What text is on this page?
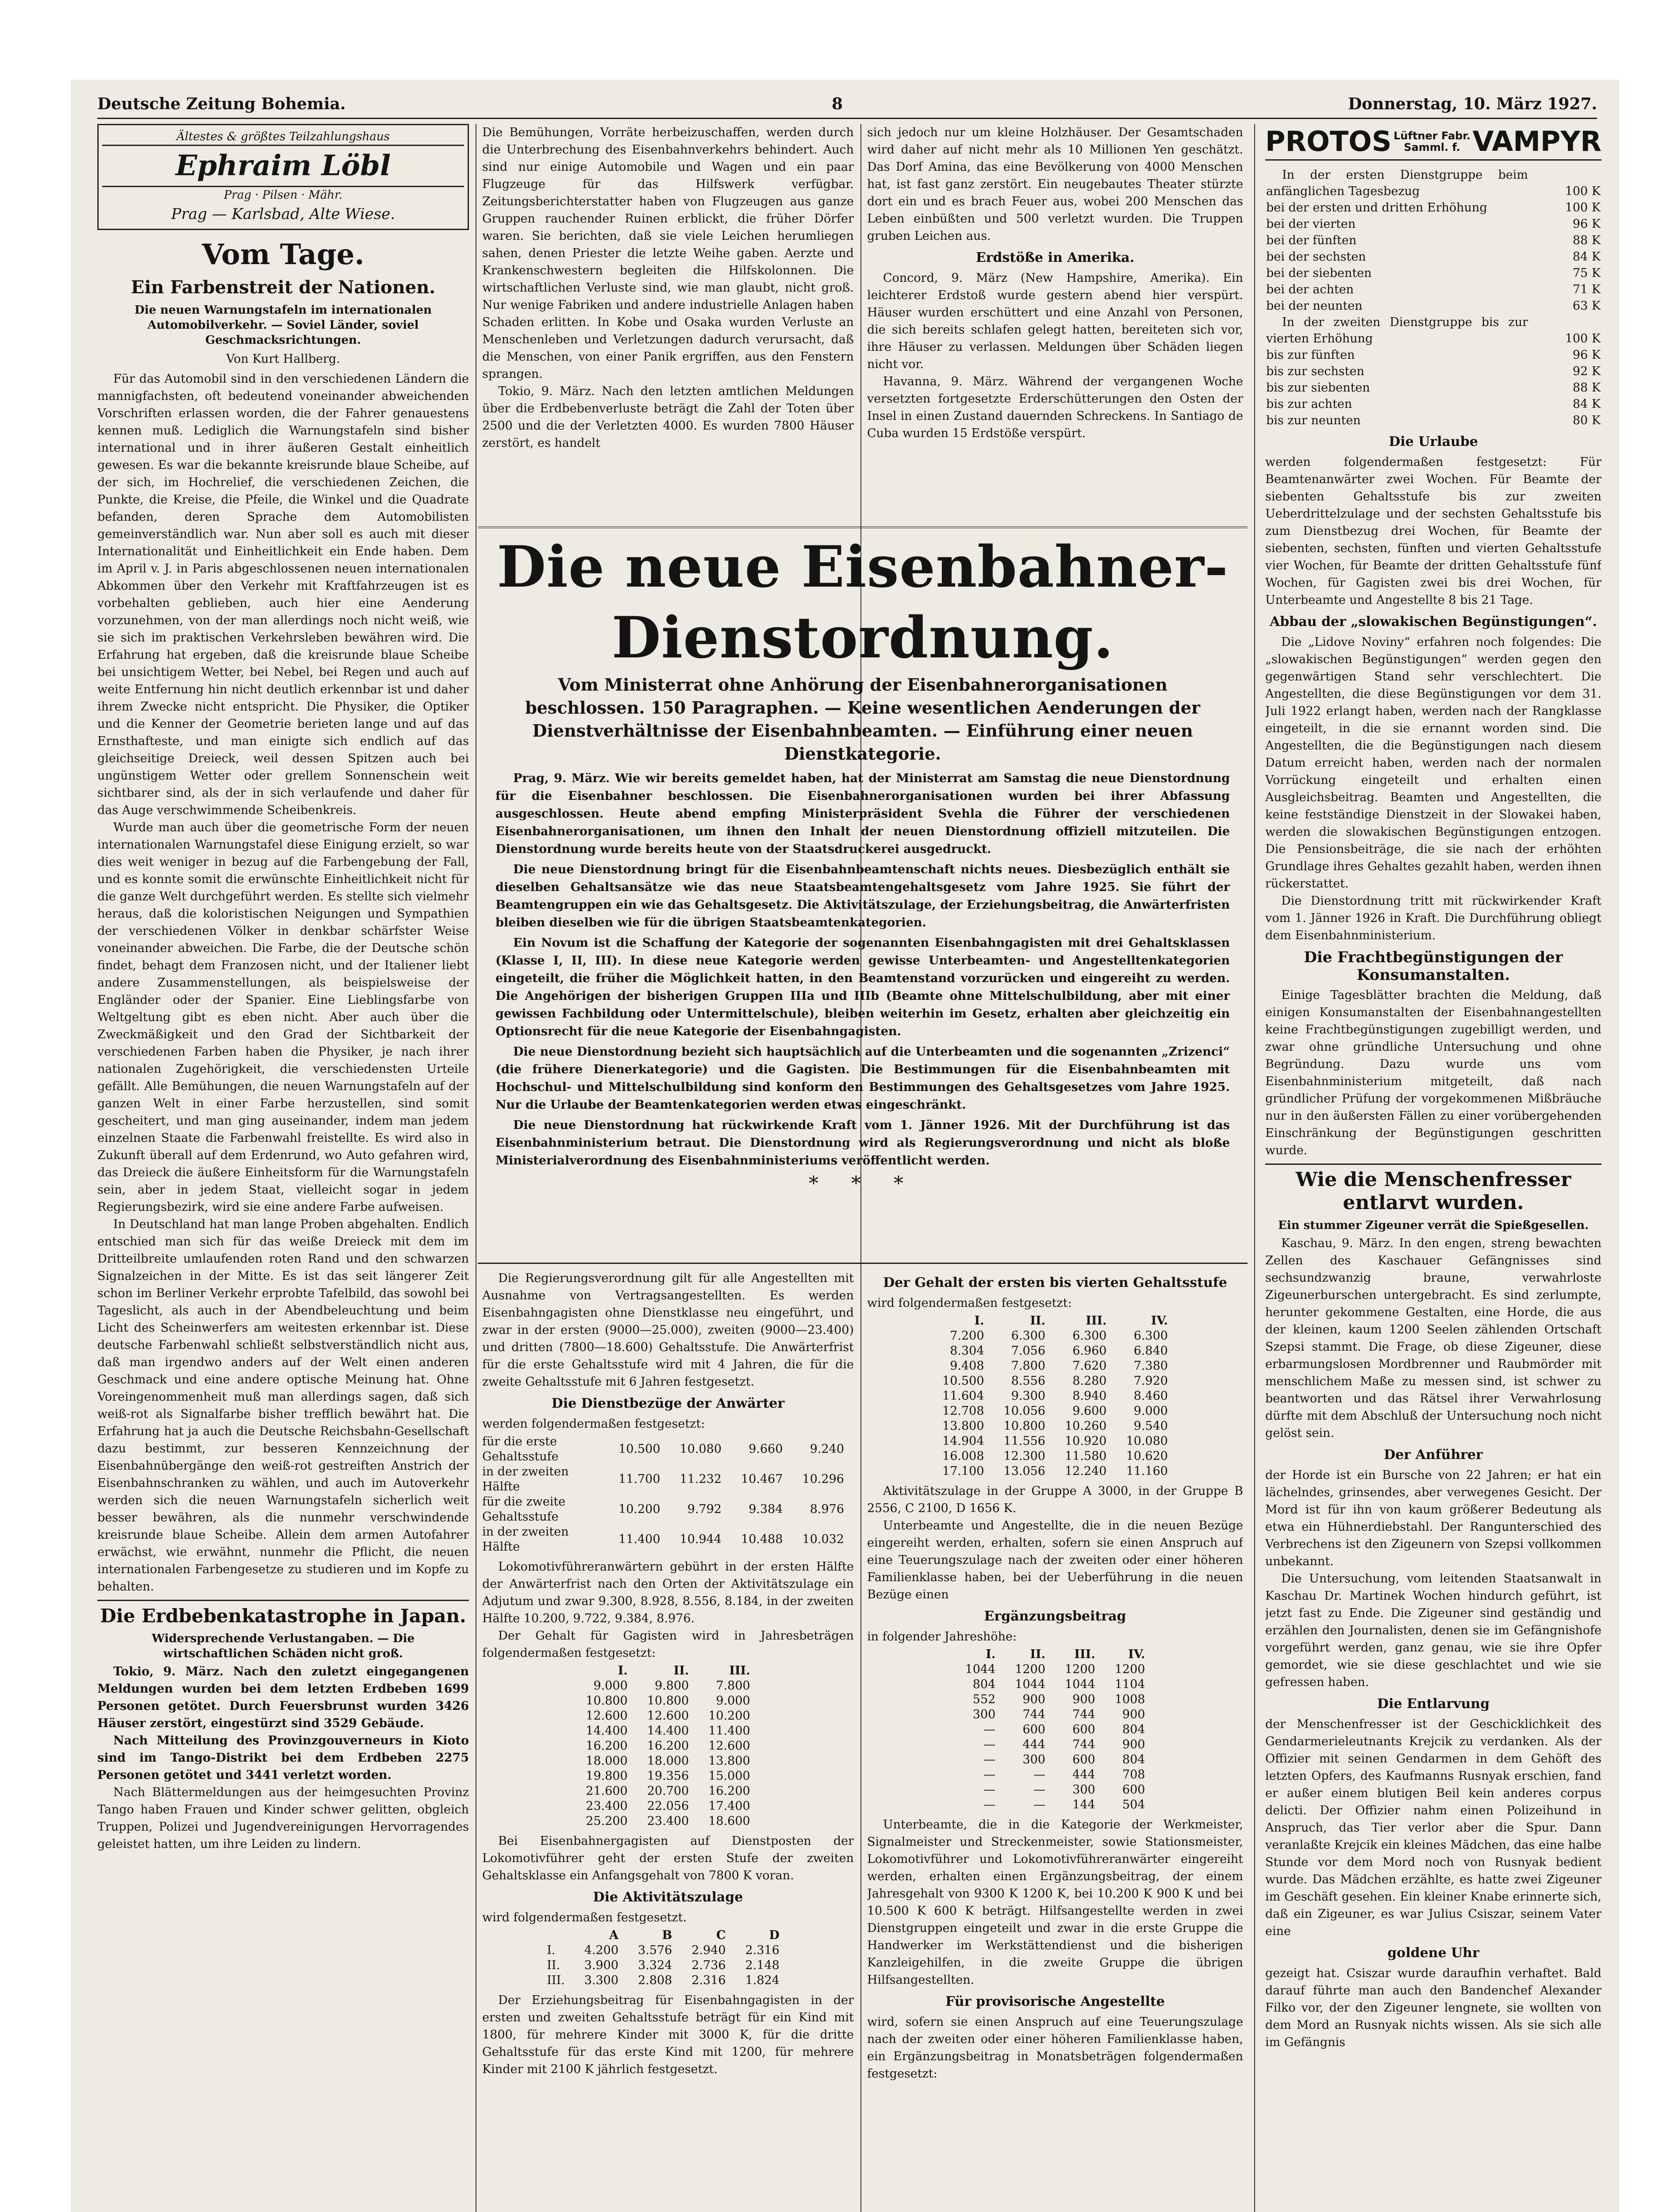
Deutsche Zeitung Bohemia.	8	Donnerstag, 10. März 1927.
Ältestes & größtes Teilzahlungshaus
Ephraim Löbl
Prag · Pilsen · Mähr.
Prag — Karlsbad, Alte Wiese.
Vom Tage.
Ein Farbenstreit der Nationen.
Die neuen Warnungstafeln im internationalen Automobilverkehr. — Soviel Länder, soviel Geschmacksrichtungen.
Von Kurt Hallberg.

Für das Automobil sind in den verschiedenen Ländern die mannigfachsten, oft bedeutend voneinander abweichenden Vorschriften erlassen worden, die der Fahrer genauestens kennen muß. Lediglich die Warnungstafeln sind bisher international und in ihrer äußeren Gestalt einheitlich gewesen. Es war die bekannte kreisrunde blaue Scheibe, auf der sich, im Hochrelief, die verschiedenen Zeichen, die Punkte, die Kreise, die Pfeile, die Winkel und die Quadrate befanden, deren Sprache dem Automobilisten gemeinverständlich war. Nun aber soll es auch mit dieser Internationalität und Einheitlichkeit ein Ende haben. Dem im April v. J. in Paris abgeschlossenen neuen internationalen Abkommen über den Verkehr mit Kraftfahrzeugen ist es vorbehalten geblieben, auch hier eine Aenderung vorzunehmen, von der man allerdings noch nicht weiß, wie sie sich im praktischen Verkehrsleben bewähren wird. Die Erfahrung hat ergeben, daß die kreisrunde blaue Scheibe bei unsichtigem Wetter, bei Nebel, bei Regen und auch auf weite Entfernung hin nicht deutlich erkennbar ist und daher ihrem Zwecke nicht entspricht. Die Physiker, die Optiker und die Kenner der Geometrie berieten lange und auf das Ernsthafteste, und man einigte sich endlich auf das gleichseitige Dreieck, weil dessen Spitzen auch bei ungünstigem Wetter oder grellem Sonnenschein weit sichtbarer sind, als der in sich verlaufende und daher für das Auge verschwimmende Scheibenkreis.

Wurde man auch über die geometrische Form der neuen internationalen Warnungstafel diese Einigung erzielt, so war dies weit weniger in bezug auf die Farbengebung der Fall, und es konnte somit die erwünschte Einheitlichkeit nicht für die ganze Welt durchgeführt werden. Es stellte sich vielmehr heraus, daß die koloristischen Neigungen und Sympathien der verschiedenen Völker in denkbar schärfster Weise voneinander abweichen. Die Farbe, die der Deutsche schön findet, behagt dem Franzosen nicht, und der Italiener liebt andere Zusammenstellungen, als beispielsweise der Engländer oder der Spanier. Eine Lieblingsfarbe von Weltgeltung gibt es eben nicht. Aber auch über die Zweckmäßigkeit und den Grad der Sichtbarkeit der verschiedenen Farben haben die Physiker, je nach ihrer nationalen Zugehörigkeit, die verschiedensten Urteile gefällt. Alle Bemühungen, die neuen Warnungstafeln auf der ganzen Welt in einer Farbe herzustellen, sind somit gescheitert, und man ging auseinander, indem man jedem einzelnen Staate die Farbenwahl freistellte. Es wird also in Zukunft überall auf dem Erdenrund, wo Auto gefahren wird, das Dreieck die äußere Einheitsform für die Warnungstafeln sein, aber in jedem Staat, vielleicht sogar in jedem Regierungsbezirk, wird sie eine andere Farbe aufweisen.

In Deutschland hat man lange Proben abgehalten. Endlich entschied man sich für das weiße Dreieck mit dem im Dritteilbreite umlaufenden roten Rand und den schwarzen Signalzeichen in der Mitte. Es ist das seit längerer Zeit schon im Berliner Verkehr erprobte Tafelbild, das sowohl bei Tageslicht, als auch in der Abendbeleuchtung und beim Licht des Scheinwerfers am weitesten erkennbar ist. Diese deutsche Farbenwahl schließt selbstverständlich nicht aus, daß man irgendwo anders auf der Welt einen anderen Geschmack und eine andere optische Meinung hat. Ohne Voreingenommenheit muß man allerdings sagen, daß sich weiß-rot als Signalfarbe bisher trefflich bewährt hat. Die Erfahrung hat ja auch die Deutsche Reichsbahn-Gesellschaft dazu bestimmt, zur besseren Kennzeichnung der Eisenbahnübergänge den weiß-rot gestreiften Anstrich der Eisenbahnschranken zu wählen, und auch im Autoverkehr werden sich die neuen Warnungstafeln sicherlich weit besser bewähren, als die nunmehr verschwindende kreisrunde blaue Scheibe. Allein dem armen Autofahrer erwächst, wie erwähnt, nunmehr die Pflicht, die neuen internationalen Farbengesetze zu studieren und im Kopfe zu behalten.

Die Erdbebenkatastrophe in Japan.
Widersprechende Verlustangaben. — Die wirtschaftlichen Schäden nicht groß.

Tokio, 9. März. Nach den zuletzt eingegangenen Meldungen wurden bei dem letzten Erdbeben 1699 Personen getötet. Durch Feuersbrunst wurden 3426 Häuser zerstört, eingestürzt sind 3529 Gebäude.

Nach Mitteilung des Provinzgouverneurs in Kioto sind im Tango-Distrikt bei dem Erdbeben 2275 Personen getötet und 3441 verletzt worden.

Nach Blättermeldungen aus der heimgesuchten Provinz Tango haben Frauen und Kinder schwer gelitten, obgleich Truppen, Polizei und Jugendvereinigungen Hervorragendes geleistet hatten, um ihre Leiden zu lindern.

Die Bemühungen, Vorräte herbeizuschaffen, werden durch die Unterbrechung des Eisenbahnverkehrs behindert. Auch sind nur einige Automobile und Wagen und ein paar Flugzeuge für das Hilfswerk verfügbar. Zeitungsberichterstatter haben von Flugzeugen aus ganze Gruppen rauchender Ruinen erblickt, die früher Dörfer waren. Sie berichten, daß sie viele Leichen herumliegen sahen, denen Priester die letzte Weihe gaben. Aerzte und Krankenschwestern begleiten die Hilfskolonnen. Die wirtschaftlichen Verluste sind, wie man glaubt, nicht groß. Nur wenige Fabriken und andere industrielle Anlagen haben Schaden erlitten. In Kobe und Osaka wurden Verluste an Menschenleben und Verletzungen dadurch verursacht, daß die Menschen, von einer Panik ergriffen, aus den Fenstern sprangen.

Tokio, 9. März. Nach den letzten amtlichen Meldungen über die Erdbebenverluste beträgt die Zahl der Toten über 2500 und die der Verletzten 4000. Es wurden 7800 Häuser zerstört, es handelt

sich jedoch nur um kleine Holzhäuser. Der Gesamtschaden wird daher auf nicht mehr als 10 Millionen Yen geschätzt. Das Dorf Amina, das eine Bevölkerung von 4000 Menschen hat, ist fast ganz zerstört. Ein neugebautes Theater stürzte dort ein und es brach Feuer aus, wobei 200 Menschen das Leben einbüßten und 500 verletzt wurden. Die Truppen gruben Leichen aus.

Erdstöße in Amerika.

Concord, 9. März (New Hampshire, Amerika). Ein leichterer Erdstoß wurde gestern abend hier verspürt. Häuser wurden erschüttert und eine Anzahl von Personen, die sich bereits schlafen gelegt hatten, bereiteten sich vor, ihre Häuser zu verlassen. Meldungen über Schäden liegen nicht vor.

Havanna, 9. März. Während der vergangenen Woche versetzten fortgesetzte Erderschütterungen den Osten der Insel in einen Zustand dauernden Schreckens. In Santiago de Cuba wurden 15 Erdstöße verspürt.

Die neue Eisenbahner-Dienstordnung.
Vom Ministerrat ohne Anhörung der Eisenbahnerorganisationen beschlossen. 150 Paragraphen. — Keine wesentlichen Aenderungen der Dienstverhältnisse der Eisenbahnbeamten. — Einführung einer neuen Dienstkategorie.

Prag, 9. März. Wie wir bereits gemeldet haben, hat der Ministerrat am Samstag die neue Dienstordnung für die Eisenbahner beschlossen. Die Eisenbahnerorganisationen wurden bei ihrer Abfassung ausgeschlossen. Heute abend empfing Ministerpräsident Svehla die Führer der verschiedenen Eisenbahnerorganisationen, um ihnen den Inhalt der neuen Dienstordnung offiziell mitzuteilen. Die Dienstordnung wurde bereits heute von der Staatsdruckerei ausgedruckt.

Die neue Dienstordnung bringt für die Eisenbahnbeamtenschaft nichts neues. Diesbezüglich enthält sie dieselben Gehaltsansätze wie das neue Staatsbeamtengehaltsgesetz vom Jahre 1925. Sie führt der Beamtengruppen ein wie das Gehaltsgesetz. Die Aktivitätszulage, der Erziehungsbeitrag, die Anwärterfristen bleiben dieselben wie für die übrigen Staatsbeamtenkategorien.

Ein Novum ist die Schaffung der Kategorie der sogenannten Eisenbahngagisten mit drei Gehaltsklassen (Klasse I, II, III). In diese neue Kategorie werden gewisse Unterbeamten- und Angestelltenkategorien eingeteilt, die früher die Möglichkeit hatten, in den Beamtenstand vorzurücken und eingereiht zu werden. Die Angehörigen der bisherigen Gruppen IIIa und IIIb (Beamte ohne Mittelschulbildung, aber mit einer gewissen Fachbildung oder Untermittelschule), bleiben weiterhin im Gesetz, erhalten aber gleichzeitig ein Optionsrecht für die neue Kategorie der Eisenbahngagisten.

Die neue Dienstordnung bezieht sich hauptsächlich auf die Unterbeamten und die sogenannten „Zrizenci“ (die frühere Dienerkategorie) und die Gagisten. Die Bestimmungen für die Eisenbahnbeamten mit Hochschul- und Mittelschulbildung sind konform den Bestimmungen des Gehaltsgesetzes vom Jahre 1925. Nur die Urlaube der Beamtenkategorien werden etwas eingeschränkt.

Die neue Dienstordnung hat rückwirkende Kraft vom 1. Jänner 1926. Mit der Durchführung ist das Eisenbahnministerium betraut. Die Dienstordnung wird als Regierungsverordnung und nicht als bloße Ministerialverordnung des Eisenbahnministeriums veröffentlicht werden.

* * *

Die Regierungsverordnung gilt für alle Angestellten mit Ausnahme von Vertragsangestellten. Es werden Eisenbahngagisten ohne Dienstklasse neu eingeführt, und zwar in der ersten (9000—25.000), zweiten (9000—23.400) und dritten (7800—18.600) Gehaltsstufe. Die Anwärterfrist für die erste Gehaltsstufe wird mit 4 Jahren, die für die zweite Gehaltsstufe mit 6 Jahren festgesetzt.

Die Dienstbezüge der Anwärter

werden folgendermaßen festgesetzt:

für die erste Gehaltsstufe	10.500	10.080	9.660	9.240
in der zweiten Hälfte	11.700	11.232	10.467	10.296
für die zweite Gehaltsstufe	10.200	9.792	9.384	8.976
in der zweiten Hälfte	11.400	10.944	10.488	10.032

Lokomotivführeranwärtern gebührt in der ersten Hälfte der Anwärterfrist nach den Orten der Aktivitätszulage ein Adjutum und zwar 9.300, 8.928, 8.556, 8.184, in der zweiten Hälfte 10.200, 9.722, 9.384, 8.976.

Der Gehalt für Gagisten wird in Jahresbeträgen folgendermaßen festgesetzt:

I.	II.	III.
9.000	9.800	7.800
10.800	10.800	9.000
12.600	12.600	10.200
14.400	14.400	11.400
16.200	16.200	12.600
18.000	18.000	13.800
19.800	19.356	15.000
21.600	20.700	16.200
23.400	22.056	17.400
25.200	23.400	18.600

Bei Eisenbahnergagisten auf Dienstposten der Lokomotivführer geht der ersten Stufe der zweiten Gehaltsklasse ein Anfangsgehalt von 7800 K voran.

Die Aktivitätszulage

wird folgendermaßen festgesetzt.

	A	B	C	D
I.	4.200	3.576	2.940	2.316
II.	3.900	3.324	2.736	2.148
III.	3.300	2.808	2.316	1.824

Der Erziehungsbeitrag für Eisenbahngagisten in der ersten und zweiten Gehaltsstufe beträgt für ein Kind mit 1800, für mehrere Kinder mit 3000 K, für die dritte Gehaltsstufe für das erste Kind mit 1200, für mehrere Kinder mit 2100 K jährlich festgesetzt.

Der Gehalt der ersten bis vierten Gehaltsstufe

wird folgendermaßen festgesetzt:

I.	II.	III.	IV.
7.200	6.300	6.300	6.300
8.304	7.056	6.960	6.840
9.408	7.800	7.620	7.380
10.500	8.556	8.280	7.920
11.604	9.300	8.940	8.460
12.708	10.056	9.600	9.000
13.800	10.800	10.260	9.540
14.904	11.556	10.920	10.080
16.008	12.300	11.580	10.620
17.100	13.056	12.240	11.160

Aktivitätszulage in der Gruppe A 3000, in der Gruppe B 2556, C 2100, D 1656 K.

Unterbeamte und Angestellte, die in die neuen Bezüge eingereiht werden, erhalten, sofern sie einen Anspruch auf eine Teuerungszulage nach der zweiten oder einer höheren Familienklasse haben, bei der Ueberführung in die neuen Bezüge einen

Ergänzungsbeitrag

in folgender Jahreshöhe:

I.	II.	III.	IV.
1044	1200	1200	1200
804	1044	1044	1104
552	900	900	1008
300	744	744	900
—	600	600	804
—	444	744	900
—	300	600	804
—	—	444	708
—	—	300	600
—	—	144	504

Unterbeamte, die in die Kategorie der Werkmeister, Signalmeister und Streckenmeister, sowie Stationsmeister, Lokomotivführer und Lokomotivführeranwärter eingereiht werden, erhalten einen Ergänzungsbeitrag, der einem Jahresgehalt von 9300 K 1200 K, bei 10.200 K 900 K und bei 10.500 K 600 K beträgt. Hilfsangestellte werden in zwei Dienstgruppen eingeteilt und zwar in die erste Gruppe die Handwerker im Werkstättendienst und die bisherigen Kanzleigehilfen, in die zweite Gruppe die übrigen Hilfsangestellten.

Für provisorische Angestellte

wird, sofern sie einen Anspruch auf eine Teuerungszulage nach der zweiten oder einer höheren Familienklasse haben, ein Ergänzungsbeitrag in Monatsbeträgen folgendermaßen festgesetzt:

PROTOS Lüftner Fabr. Samml. f. VAMPYR
In der ersten Dienstgruppe beim anfänglichen Tagesbezug	100 K
bei der ersten und dritten Erhöhung	100 K
bei der vierten	96 K
bei der fünften	88 K
bei der sechsten	84 K
bei der siebenten	75 K
bei der achten	71 K
bei der neunten	63 K
In der zweiten Dienstgruppe bis zur vierten Erhöhung	100 K
bis zur fünften	96 K
bis zur sechsten	92 K
bis zur siebenten	88 K
bis zur achten	84 K
bis zur neunten	80 K
Die Urlaube

werden folgendermaßen festgesetzt: Für Beamtenanwärter zwei Wochen. Für Beamte der siebenten Gehaltsstufe bis zur zweiten Ueberdrittelzulage und der sechsten Gehaltsstufe bis zum Dienstbezug drei Wochen, für Beamte der siebenten, sechsten, fünften und vierten Gehaltsstufe vier Wochen, für Beamte der dritten Gehaltsstufe fünf Wochen, für Gagisten zwei bis drei Wochen, für Unterbeamte und Angestellte 8 bis 21 Tage.

Abbau der „slowakischen Begünstigungen“.

Die „Lidove Noviny“ erfahren noch folgendes: Die „slowakischen Begünstigungen“ werden gegen den gegenwärtigen Stand sehr verschlechtert. Die Angestellten, die diese Begünstigungen vor dem 31. Juli 1922 erlangt haben, werden nach der Rangklasse eingeteilt, in die sie ernannt worden sind. Die Angestellten, die die Begünstigungen nach diesem Datum erreicht haben, werden nach der normalen Vorrückung eingeteilt und erhalten einen Ausgleichsbeitrag. Beamten und Angestellten, die keine festständige Dienstzeit in der Slowakei haben, werden die slowakischen Begünstigungen entzogen. Die Pensionsbeiträge, die sie nach der erhöhten Grundlage ihres Gehaltes gezahlt haben, werden ihnen rückerstattet.

Die Dienstordnung tritt mit rückwirkender Kraft vom 1. Jänner 1926 in Kraft. Die Durchführung obliegt dem Eisenbahnministerium.

Die Frachtbegünstigungen der Konsumanstalten.

Einige Tagesblätter brachten die Meldung, daß einigen Konsumanstalten der Eisenbahnangestellten keine Frachtbegünstigungen zugebilligt werden, und zwar ohne gründliche Untersuchung und ohne Begründung. Dazu wurde uns vom Eisenbahnministerium mitgeteilt, daß nach gründlicher Prüfung der vorgekommenen Mißbräuche nur in den äußersten Fällen zu einer vorübergehenden Einschränkung der Begünstigungen geschritten wurde.

Wie die Menschenfresser entlarvt wurden.
Ein stummer Zigeuner verrät die Spießgesellen.

Kaschau, 9. März. In den engen, streng bewachten Zellen des Kaschauer Gefängnisses sind sechsundzwanzig braune, verwahrloste Zigeunerburschen untergebracht. Es sind zerlumpte, herunter gekommene Gestalten, eine Horde, die aus der kleinen, kaum 1200 Seelen zählenden Ortschaft Szepsi stammt. Die Frage, ob diese Zigeuner, diese erbarmungslosen Mordbrenner und Raubmörder mit menschlichem Maße zu messen sind, ist schwer zu beantworten und das Rätsel ihrer Verwahrlosung dürfte mit dem Abschluß der Untersuchung noch nicht gelöst sein.

Der Anführer

der Horde ist ein Bursche von 22 Jahren; er hat ein lächelndes, grinsendes, aber verwegenes Gesicht. Der Mord ist für ihn von kaum größerer Bedeutung als etwa ein Hühnerdiebstahl. Der Rangunterschied des Verbrechens ist den Zigeunern von Szepsi vollkommen unbekannt.

Die Untersuchung, vom leitenden Staatsanwalt in Kaschau Dr. Martinek Wochen hindurch geführt, ist jetzt fast zu Ende. Die Zigeuner sind geständig und erzählen den Journalisten, denen sie im Gefängnishofe vorgeführt werden, ganz genau, wie sie ihre Opfer gemordet, wie sie diese geschlachtet und wie sie gefressen haben.

Die Entlarvung

der Menschenfresser ist der Geschicklichkeit des Gendarmerieleutnants Krejcik zu verdanken. Als der Offizier mit seinen Gendarmen in dem Gehöft des letzten Opfers, des Kaufmanns Rusnyak erschien, fand er außer einem blutigen Beil kein anderes corpus delicti. Der Offizier nahm einen Polizeihund in Anspruch, das Tier verlor aber die Spur. Dann veranlaßte Krejcik ein kleines Mädchen, das eine halbe Stunde vor dem Mord noch von Rusnyak bedient wurde. Das Mädchen erzählte, es hatte zwei Zigeuner im Geschäft gesehen. Ein kleiner Knabe erinnerte sich, daß ein Zigeuner, es war Julius Csiszar, seinem Vater eine

goldene Uhr

gezeigt hat. Csiszar wurde daraufhin verhaftet. Bald darauf führte man auch den Bandenchef Alexander Filko vor, der den Zigeuner lengnete, sie wollten von dem Mord an Rusnyak nichts wissen. Als sie sich alle im Gefängnis
